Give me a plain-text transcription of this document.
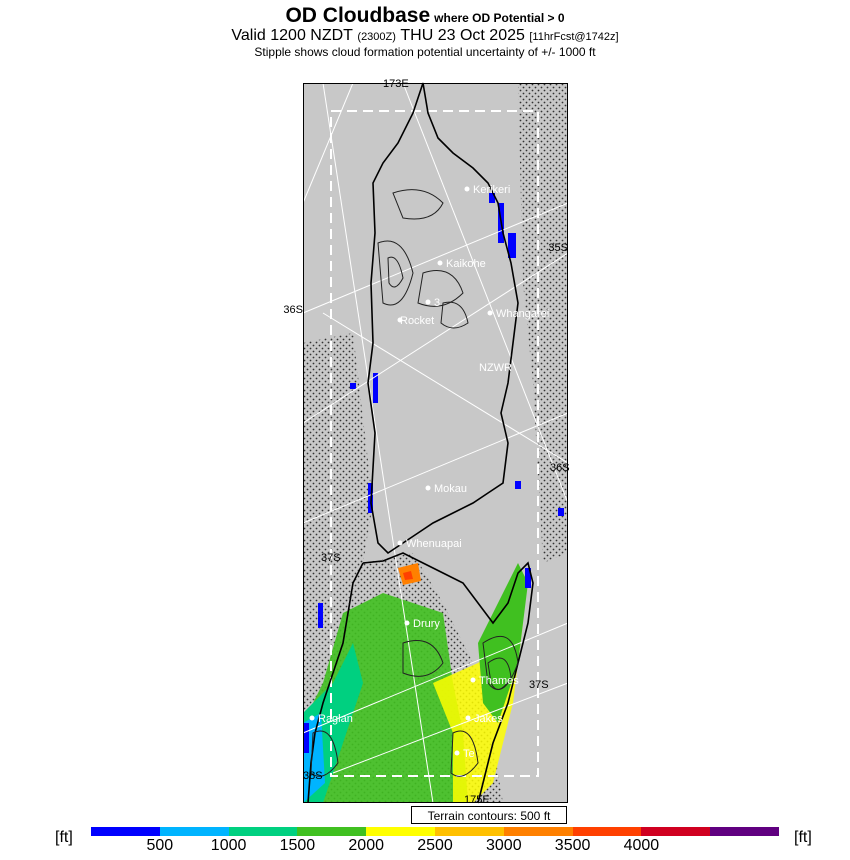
OD Cloudbase where OD Potential > 0
Valid 1200 NZDT (2300Z) THU 23 Oct 2025 [11hrFcst@1742z]
Stipple shows cloud formation potential uncertainty of +/- 1000 ft
Kerikeri
Kaikohe
3
Rocket
Whangarei
NZWR
Mokau
Whenuapai
Drury
Thames
Raglan	Jakes
Te
173E
35S
36S
36S
37S
37S
38S
175E
Terrain contours: 500 ft
[ft]	[ft]
500 1000 1500 2000 2500 3000 3500 4000
